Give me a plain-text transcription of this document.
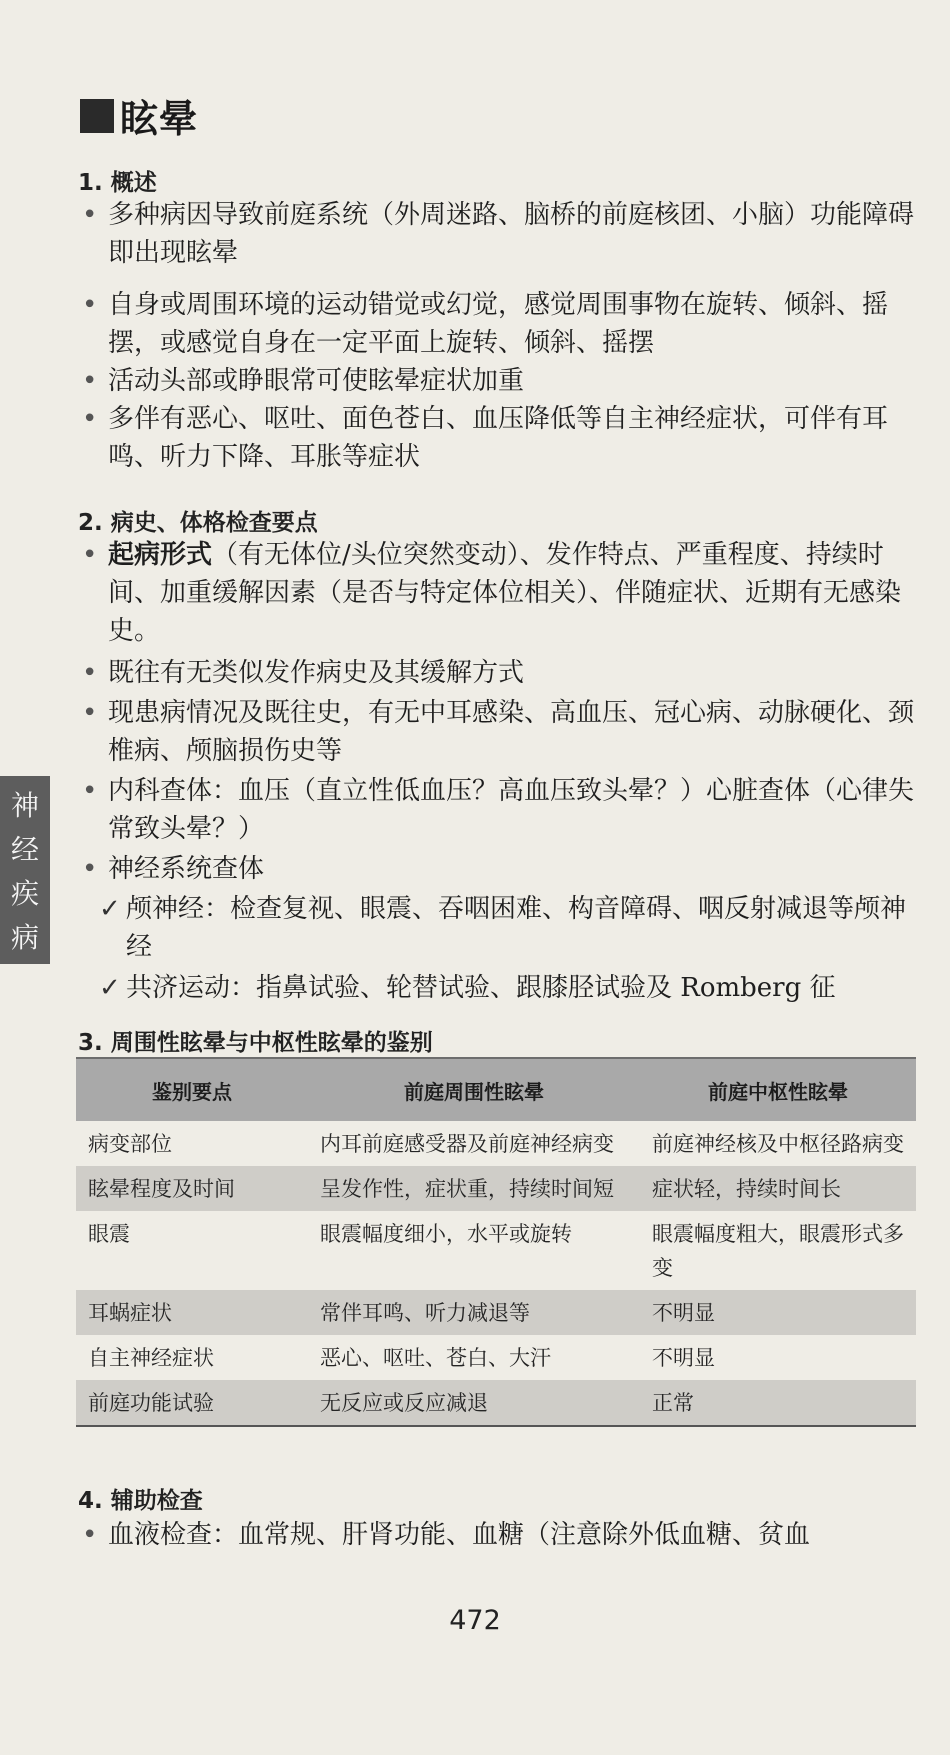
眩晕
1. 概述
• 多种病因导致前庭系统（外周迷路、脑桥的前庭核团、小脑）功能障碍即出现眩晕
• 自身或周围环境的运动错觉或幻觉，感觉周围事物在旋转、倾斜、摇摆，或感觉自身在一定平面上旋转、倾斜、摇摆
• 活动头部或睁眼常可使眩晕症状加重
• 多伴有恶心、呕吐、面色苍白、血压降低等自主神经症状，可伴有耳鸣、听力下降、耳胀等症状
2. 病史、体格检查要点
• 起病形式（有无体位/头位突然变动）、发作特点、严重程度、持续时间、加重缓解因素（是否与特定体位相关）、伴随症状、近期有无感染史。
• 既往有无类似发作病史及其缓解方式
• 现患病情况及既往史，有无中耳感染、高血压、冠心病、动脉硬化、颈椎病、颅脑损伤史等
• 内科查体：血压（直立性低血压？高血压致头晕？）心脏查体（心律失常致头晕？）
• 神经系统查体
✓ 颅神经：检查复视、眼震、吞咽困难、构音障碍、咽反射减退等颅神经
✓ 共济运动：指鼻试验、轮替试验、跟膝胫试验及 Romberg 征
3. 周围性眩晕与中枢性眩晕的鉴别
鉴别要点	前庭周围性眩晕	前庭中枢性眩晕
病变部位	内耳前庭感受器及前庭神经病变	前庭神经核及中枢径路病变
眩晕程度及时间	呈发作性，症状重，持续时间短	症状轻，持续时间长
眼震	眼震幅度细小，水平或旋转	眼震幅度粗大，眼震形式多变
耳蜗症状	常伴耳鸣、听力减退等	不明显
自主神经症状	恶心、呕吐、苍白、大汗	不明显
前庭功能试验	无反应或反应减退	正常
4. 辅助检查
• 血液检查：血常规、肝肾功能、血糖（注意除外低血糖、贫血
神
经
疾
病
472
